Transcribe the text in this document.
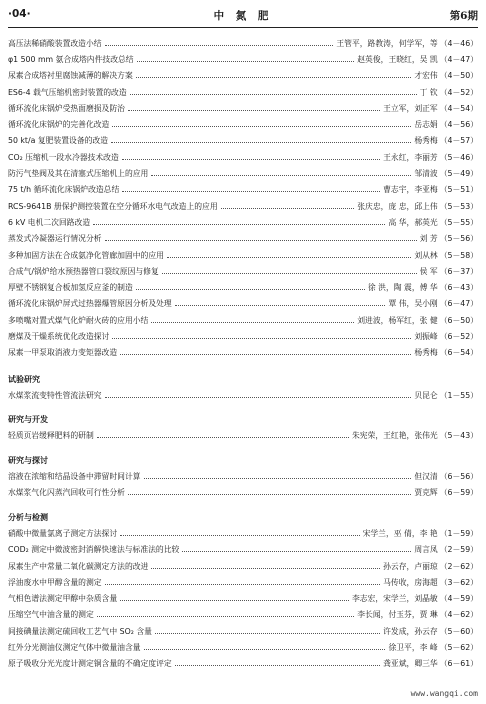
·04·	中 氮 肥	第6期
高压法稀硝酸装置改造小结	王管平，路教涛，何学军，等 （4－46）
φ1 500 mm 氨合成塔内件技改总结	赵英俊，王晓红，吴 凯 （4－47）
尿素合成塔衬里腐蚀减薄的解决方案	才宏伟 （4－50）
ES6-4 载气压缩机密封装置的改造	丁 钦 （4－52）
循环流化床锅炉受热面磨损及防治	王立军，刘正军 （4－54）
循环流化床锅炉的完善化改造	岳志娟 （4－56）
50 kt/a 复肥装置设备的改造	杨秀梅 （4－57）
CO₂ 压缩机一段水冷器技术改造	王永红，李丽芳 （5－46）
防污气垫阀及其在清塞式压缩机上的应用	邹清波 （5－49）
75 t/h 循环流化床锅炉改造总结	曹志宇，李亚梅 （5－51）
RCS-9641B 册保护测控装置在空分循环水电气改造上的应用	张庆忠，庞 忠，邱上伟 （5－53）
6 kV 电机二次回路改造	高 华，郝英光 （5－55）
蒸发式冷凝器运行情况分析	刘 芳 （5－56）
多种加固方法在合成氨净化管廊加固中的应用	刘从林 （5－58）
合成气/锅炉给水预热器管口裂纹原因与修复	侯 军 （6－37）
厚壁不锈钢复合板加氢反应釜的制造	徐 洪，陶 震，傅 华 （6－43）
循环流化床锅炉屏式过热器爆管原因分析及处理	覃 伟，吴小刚 （6－47）
多喷嘴对置式煤气化炉耐火砖的应用小结	刘进波，杨军红，张 健 （6－50）
磨煤及干燥系统优化改造探讨	刘振峰 （6－52）
尿素一甲泵取消液力变矩器改造	杨秀梅 （6－54）
试验研究
水煤浆流变特性管流法研究	贝昆仑 （1－55）
研究与开发
轻质页岩缓释肥料的研制	朱宪荣，王红艳，张伟光 （5－43）
研究与探讨
溶液在浓缩和结晶设备中滞留时间计算	但汉清 （6－56）
水煤浆气化闪蒸汽回收可行性分析	贾克辉 （6－59）
分析与检测
硝酸中微量氯离子测定方法探讨	宋学兰，巫 倩，李 艳 （1－59）
COD₂ 测定中微波密封消解快速法与标准法的比较	周言凤 （2－59）
尿素生产中常量二氧化碳测定方法的改进	孙云存，卢丽琼 （2－62）
浮油废水中甲醇含量的测定	马传收，房海超 （3－62）
气相色谱法测定甲醇中杂质含量	李志宏，宋学兰，刘晶敏 （4－59）
压缩空气中油含量的测定	李长闻，付玉芬，贾 琳 （4－62）
间接碘量法测定硫回收工艺气中 SO₂ 含量	许发成，孙云存 （5－60）
红外分光测油仪测定气体中微量油含量	徐卫平，李 峰 （5－62）
原子吸收分光光度计测定铜含量的不确定度评定	龚亚斌，卿三华 （6－61）
www.wangqi.com
